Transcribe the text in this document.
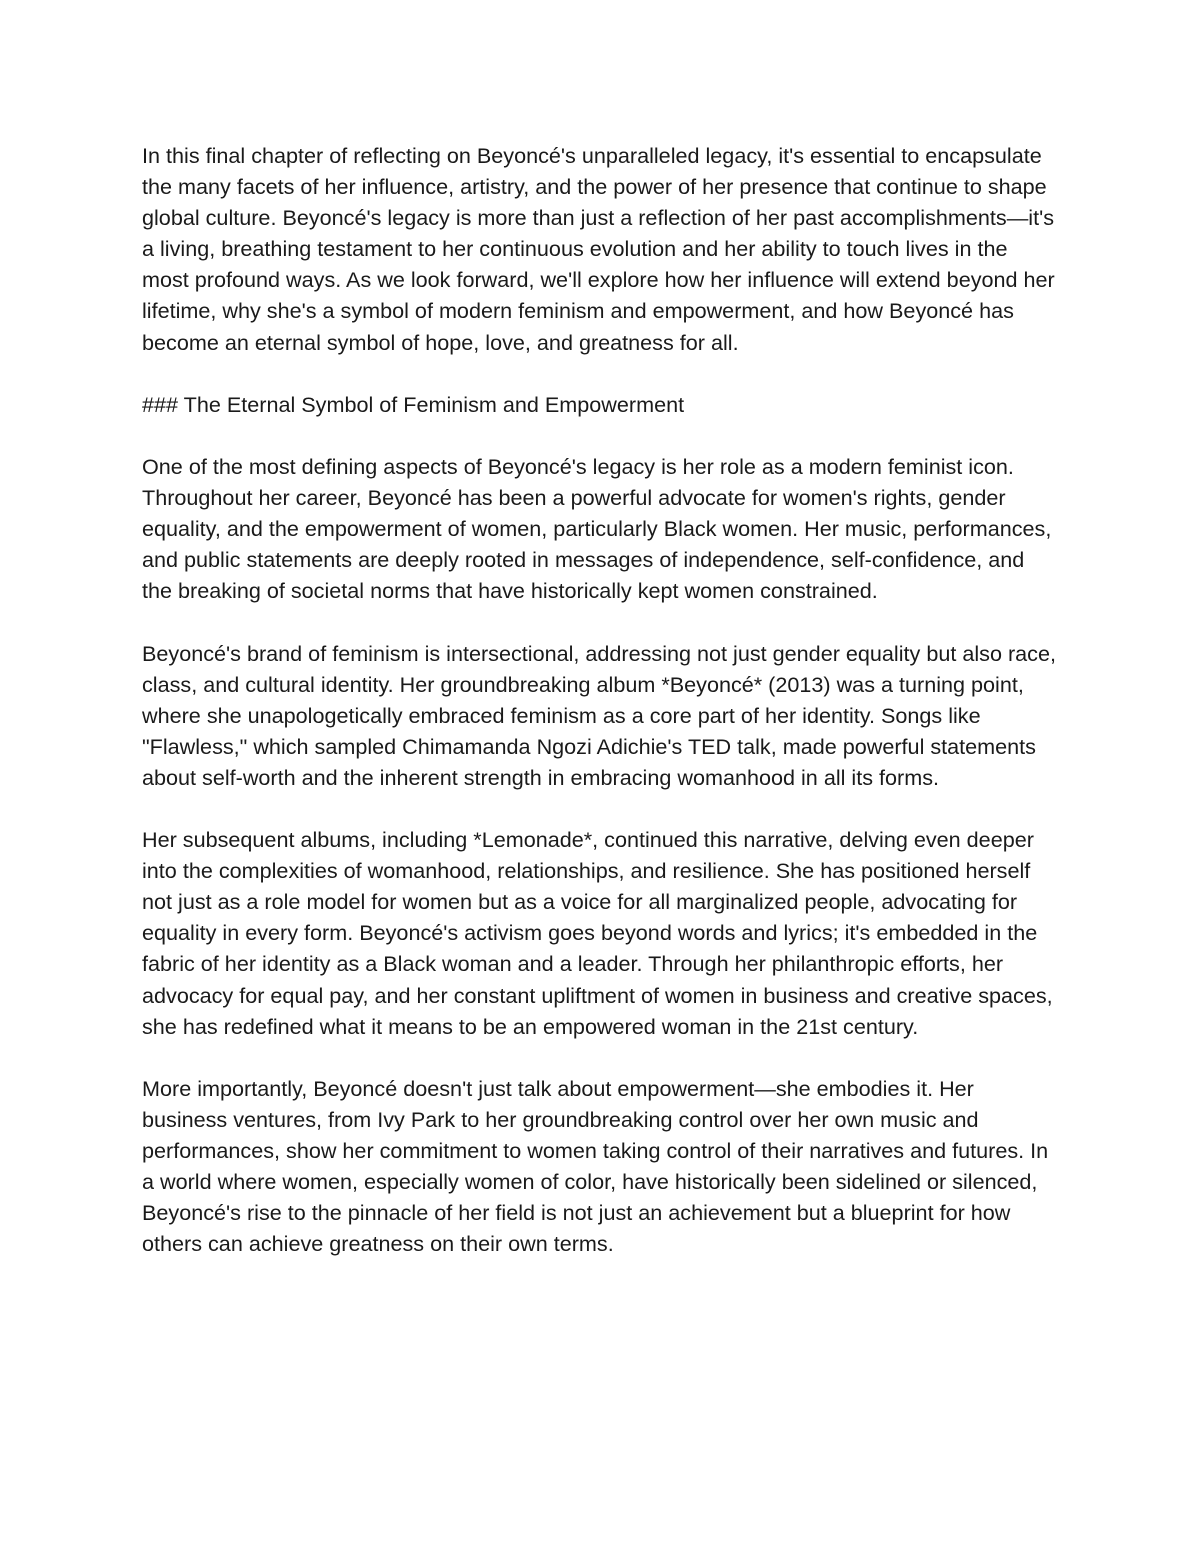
In this final chapter of reflecting on Beyoncé's unparalleled legacy, it's essential to encapsulate the many facets of her influence, artistry, and the power of her presence that continue to shape global culture. Beyoncé's legacy is more than just a reflection of her past accomplishments—it's a living, breathing testament to her continuous evolution and her ability to touch lives in the most profound ways. As we look forward, we'll explore how her influence will extend beyond her lifetime, why she's a symbol of modern feminism and empowerment, and how Beyoncé has become an eternal symbol of hope, love, and greatness for all.

### The Eternal Symbol of Feminism and Empowerment

One of the most defining aspects of Beyoncé's legacy is her role as a modern feminist icon. Throughout her career, Beyoncé has been a powerful advocate for women's rights, gender equality, and the empowerment of women, particularly Black women. Her music, performances, and public statements are deeply rooted in messages of independence, self-confidence, and the breaking of societal norms that have historically kept women constrained.

Beyoncé's brand of feminism is intersectional, addressing not just gender equality but also race, class, and cultural identity. Her groundbreaking album *Beyoncé* (2013) was a turning point, where she unapologetically embraced feminism as a core part of her identity. Songs like "Flawless," which sampled Chimamanda Ngozi Adichie's TED talk, made powerful statements about self-worth and the inherent strength in embracing womanhood in all its forms.

Her subsequent albums, including *Lemonade*, continued this narrative, delving even deeper into the complexities of womanhood, relationships, and resilience. She has positioned herself not just as a role model for women but as a voice for all marginalized people, advocating for equality in every form. Beyoncé's activism goes beyond words and lyrics; it's embedded in the fabric of her identity as a Black woman and a leader. Through her philanthropic efforts, her advocacy for equal pay, and her constant upliftment of women in business and creative spaces, she has redefined what it means to be an empowered woman in the 21st century.

More importantly, Beyoncé doesn't just talk about empowerment—she embodies it. Her business ventures, from Ivy Park to her groundbreaking control over her own music and performances, show her commitment to women taking control of their narratives and futures. In a world where women, especially women of color, have historically been sidelined or silenced, Beyoncé's rise to the pinnacle of her field is not just an achievement but a blueprint for how others can achieve greatness on their own terms.
